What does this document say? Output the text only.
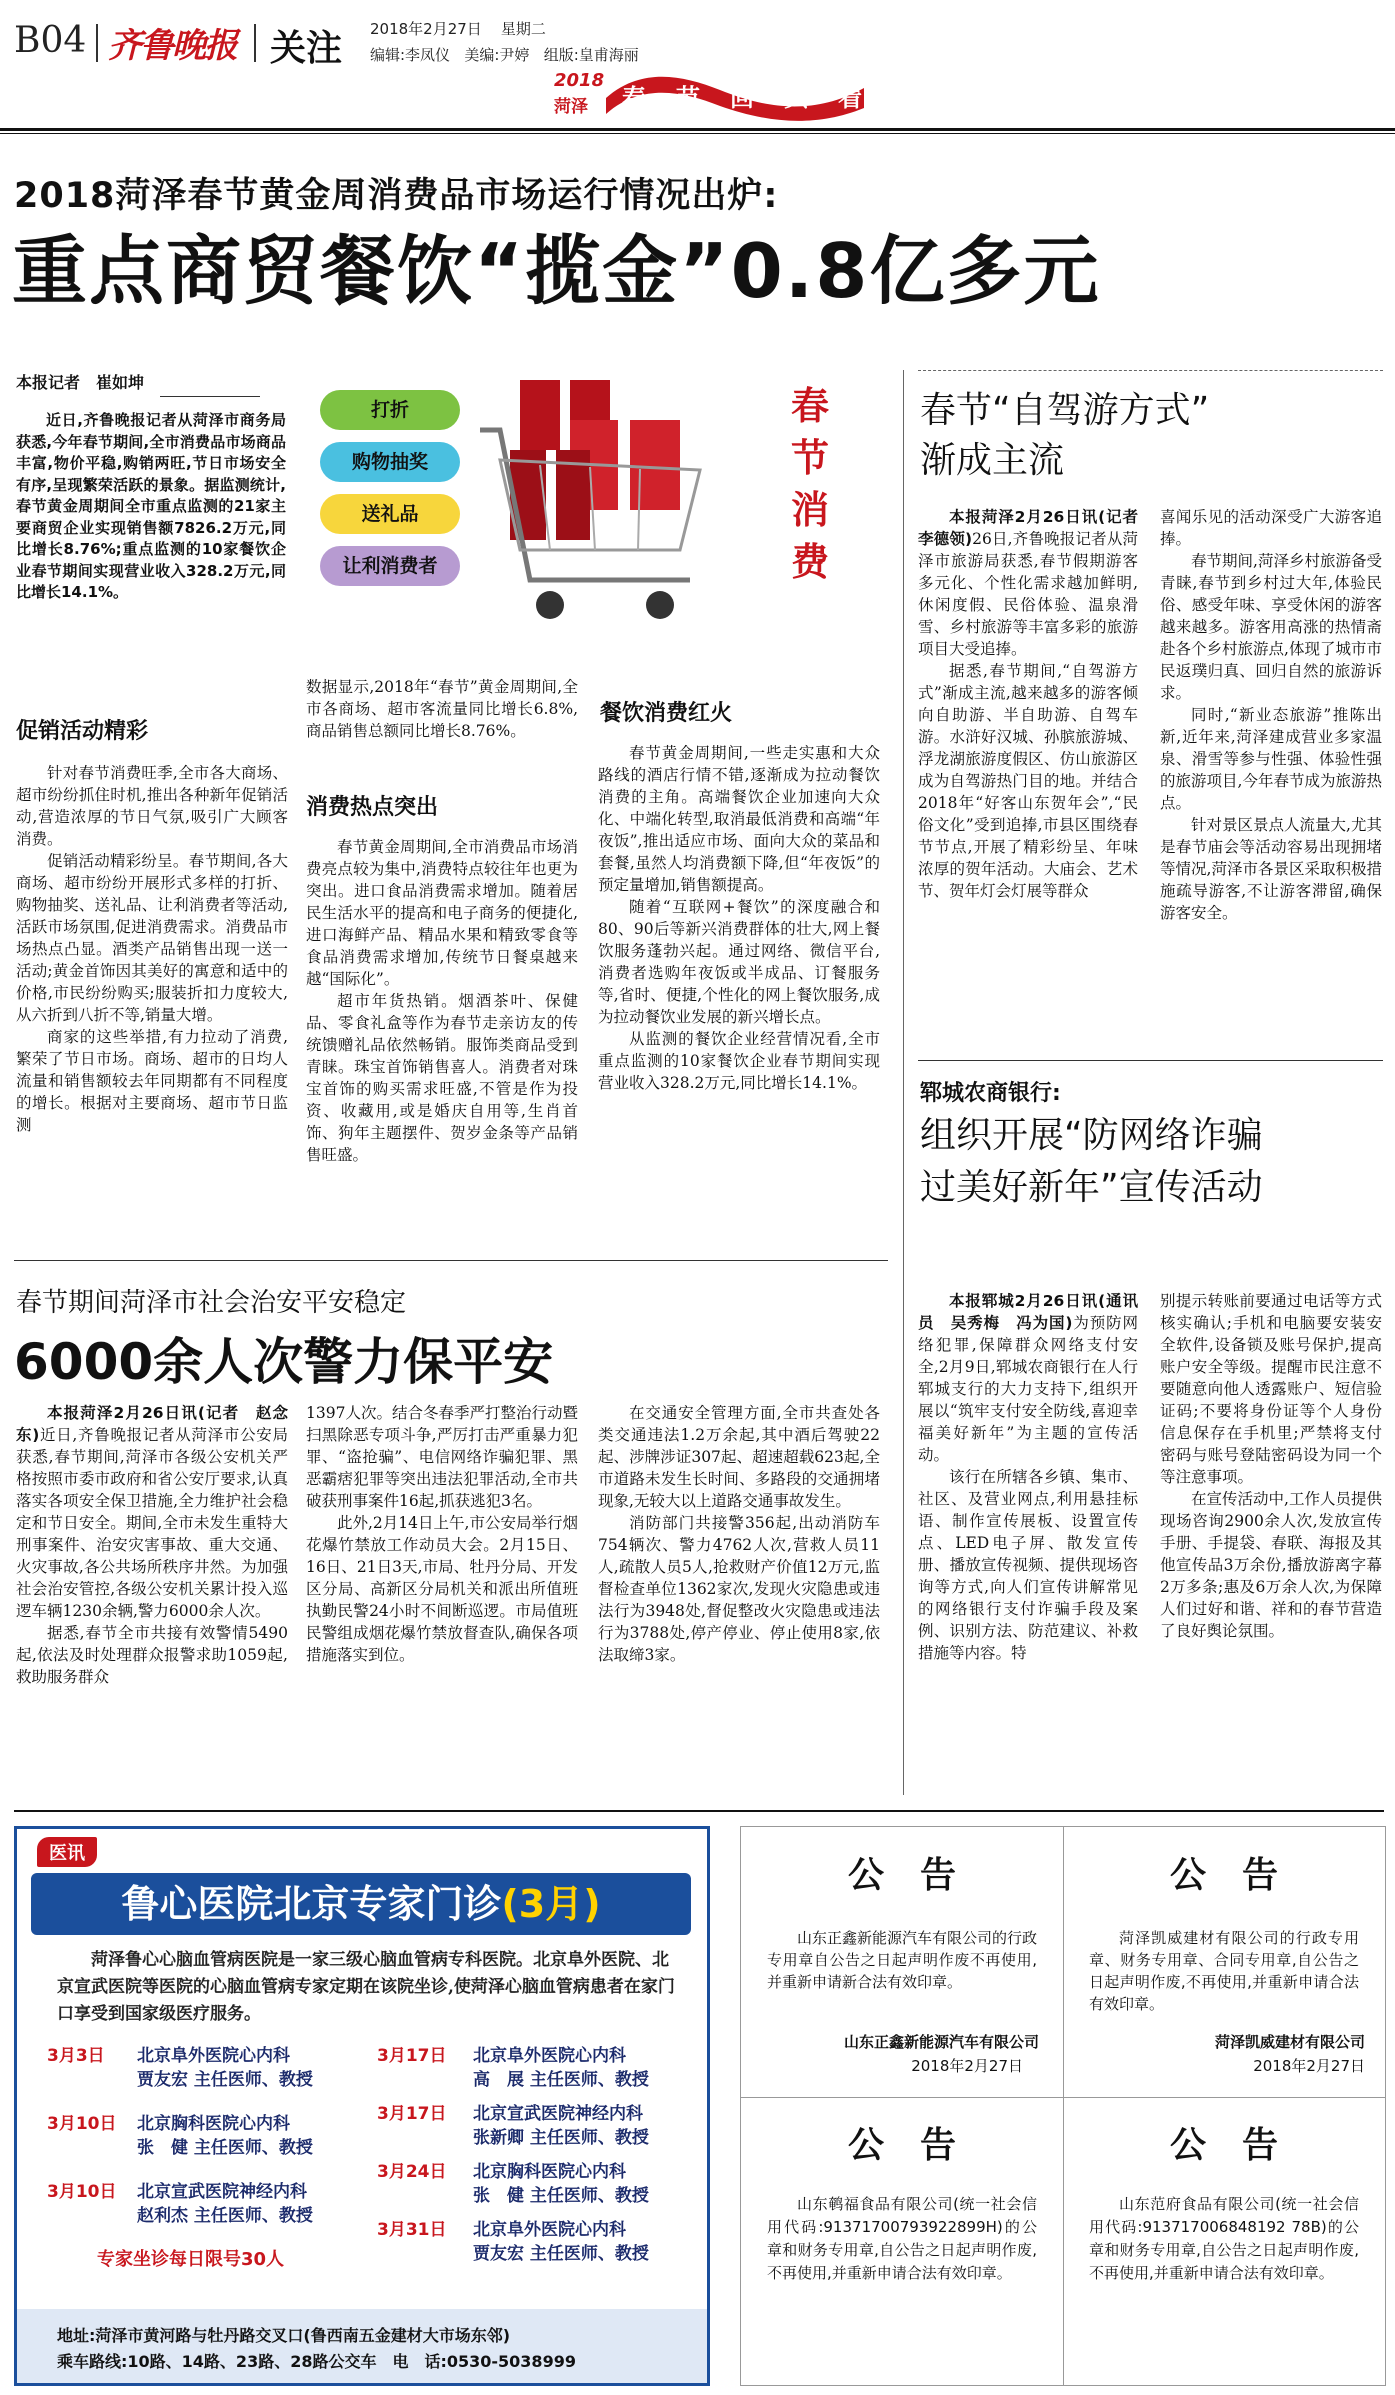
B04 齐鲁晚报 关注 2018年2月27日 星期二
编辑:李凤仪 美编:尹婷 组版:皇甫海丽
2018
菏泽 春 节 回 头 看
2018菏泽春节黄金周消费品市场运行情况出炉:
重点商贸餐饮“揽金”0.8亿多元
本报记者　崔如坤

近日,齐鲁晚报记者从菏泽市商务局获悉,今年春节期间,全市消费品市场商品丰富,物价平稳,购销两旺,节日市场安全有序,呈现繁荣活跃的景象。据监测统计,春节黄金周期间全市重点监测的21家主要商贸企业实现销售额7826.2万元,同比增长8.76%;重点监测的10家餐饮企业春节期间实现营业收入328.2万元,同比增长14.1%。

打折
购物抽奖
送礼品
让利消费者
春
节
消
费
促销活动精彩

针对春节消费旺季,全市各大商场、超市纷纷抓住时机,推出各种新年促销活动,营造浓厚的节日气氛,吸引广大顾客消费。

促销活动精彩纷呈。春节期间,各大商场、超市纷纷开展形式多样的打折、购物抽奖、送礼品、让利消费者等活动,活跃市场氛围,促进消费需求。消费品市场热点凸显。酒类产品销售出现一送一活动;黄金首饰因其美好的寓意和适中的价格,市民纷纷购买;服装折扣力度较大,从六折到八折不等,销量大增。

商家的这些举措,有力拉动了消费,繁荣了节日市场。商场、超市的日均人流量和销售额较去年同期都有不同程度的增长。根据对主要商场、超市节日监测

数据显示,2018年“春节”黄金周期间,全市各商场、超市客流量同比增长6.8%,商品销售总额同比增长8.76%。

消费热点突出

春节黄金周期间,全市消费品市场消费亮点较为集中,消费特点较往年也更为突出。进口食品消费需求增加。随着居民生活水平的提高和电子商务的便捷化,进口海鲜产品、精品水果和精致零食等食品消费需求增加,传统节日餐桌越来越“国际化”。

超市年货热销。烟酒茶叶、保健品、零食礼盒等作为春节走亲访友的传统馈赠礼品依然畅销。服饰类商品受到青睐。珠宝首饰销售喜人。消费者对珠宝首饰的购买需求旺盛,不管是作为投资、收藏用,或是婚庆自用等,生肖首饰、狗年主题摆件、贺岁金条等产品销售旺盛。

餐饮消费红火

春节黄金周期间,一些走实惠和大众路线的酒店行情不错,逐渐成为拉动餐饮消费的主角。高端餐饮企业加速向大众化、中端化转型,取消最低消费和高端“年夜饭”,推出适应市场、面向大众的菜品和套餐,虽然人均消费额下降,但“年夜饭”的预定量增加,销售额提高。

随着“互联网+餐饮”的深度融合和80、90后等新兴消费群体的壮大,网上餐饮服务蓬勃兴起。通过网络、微信平台,消费者选购年夜饭或半成品、订餐服务等,省时、便捷,个性化的网上餐饮服务,成为拉动餐饮业发展的新兴增长点。

从监测的餐饮企业经营情况看,全市重点监测的10家餐饮企业春节期间实现营业收入328.2万元,同比增长14.1%。

春节“自驾游方式”
渐成主流

本报菏泽2月26日讯(记者　李德领)26日,齐鲁晚报记者从菏泽市旅游局获悉,春节假期游客多元化、个性化需求越加鲜明,休闲度假、民俗体验、温泉滑雪、乡村旅游等丰富多彩的旅游项目大受追捧。

据悉,春节期间,“自驾游方式”渐成主流,越来越多的游客倾向自助游、半自助游、自驾车游。水浒好汉城、孙膑旅游城、浮龙湖旅游度假区、仿山旅游区成为自驾游热门目的地。并结合2018年“好客山东贺年会”,“民俗文化”受到追捧,市县区围绕春节节点,开展了精彩纷呈、年味浓厚的贺年活动。大庙会、艺术节、贺年灯会灯展等群众

喜闻乐见的活动深受广大游客追捧。

春节期间,菏泽乡村旅游备受青睐,春节到乡村过大年,体验民俗、感受年味、享受休闲的游客越来越多。游客用高涨的热情斋赴各个乡村旅游点,体现了城市市民返璞归真、回归自然的旅游诉求。

同时,“新业态旅游”推陈出新,近年来,菏泽建成营业多家温泉、滑雪等参与性强、体验性强的旅游项目,今年春节成为旅游热点。

针对景区景点人流量大,尤其是春节庙会等活动容易出现拥堵等情况,菏泽市各景区采取积极措施疏导游客,不让游客滞留,确保游客安全。

郓城农商银行:
组织开展“防网络诈骗
过美好新年”宣传活动

本报郓城2月26日讯(通讯员　吴秀梅　冯为国)为预防网络犯罪,保障群众网络支付安全,2月9日,郓城农商银行在人行郓城支行的大力支持下,组织开展以“筑牢支付安全防线,喜迎幸福美好新年”为主题的宣传活动。

该行在所辖各乡镇、集市、社区、及营业网点,利用悬挂标语、制作宣传展板、设置宣传点、LED电子屏、散发宣传册、播放宣传视频、提供现场咨询等方式,向人们宣传讲解常见的网络银行支付诈骗手段及案例、识别方法、防范建议、补救措施等内容。特

别提示转账前要通过电话等方式核实确认;手机和电脑要安装安全软件,设备锁及账号保护,提高账户安全等级。提醒市民注意不要随意向他人透露账户、短信验证码;不要将身份证等个人身份信息保存在手机里;严禁将支付密码与账号登陆密码设为同一个等注意事项。

在宣传活动中,工作人员提供现场咨询2900余人次,发放宣传手册、手提袋、春联、海报及其他宣传品3万余份,播放游离字幕2万多条;惠及6万余人次,为保障人们过好和谐、祥和的春节营造了良好舆论氛围。

春节期间菏泽市社会治安平安稳定
6000余人次警力保平安

本报菏泽2月26日讯(记者　赵念东)近日,齐鲁晚报记者从菏泽市公安局获悉,春节期间,菏泽市各级公安机关严格按照市委市政府和省公安厅要求,认真落实各项安全保卫措施,全力维护社会稳定和节日安全。期间,全市未发生重特大刑事案件、治安灾害事故、重大交通、火灾事故,各公共场所秩序井然。为加强社会治安管控,各级公安机关累计投入巡逻车辆1230余辆,警力6000余人次。

据悉,春节全市共接有效警情5490起,依法及时处理群众报警求助1059起,救助服务群众

1397人次。结合冬春季严打整治行动暨扫黑除恶专项斗争,严厉打击严重暴力犯罪、“盗抢骗”、电信网络诈骗犯罪、黑恶霸痞犯罪等突出违法犯罪活动,全市共破获刑事案件16起,抓获逃犯3名。

此外,2月14日上午,市公安局举行烟花爆竹禁放工作动员大会。2月15日、16日、21日3天,市局、牡丹分局、开发区分局、高新区分局机关和派出所值班执勤民警24小时不间断巡逻。市局值班民警组成烟花爆竹禁放督查队,确保各项措施落实到位。

在交通安全管理方面,全市共查处各类交通违法1.2万余起,其中酒后驾驶22起、涉牌涉证307起、超速超载623起,全市道路未发生长时间、多路段的交通拥堵现象,无较大以上道路交通事故发生。

消防部门共接警356起,出动消防车754辆次、警力4762人次,营救人员11人,疏散人员5人,抢救财产价值12万元,监督检查单位1362家次,发现火灾隐患或违法行为3948处,督促整改火灾隐患或违法行为3788处,停产停业、停止使用8家,依法取缔3家。

医讯
鲁心医院北京专家门诊(3月)
菏泽鲁心心脑血管病医院是一家三级心脑血管病专科医院。北京阜外医院、北京宣武医院等医院的心脑血管病专家定期在该院坐诊,使菏泽心脑血管病患者在家门口享受到国家级医疗服务。
3月3日 北京阜外医院心内科
贾友宏 主任医师、教授
3月10日 北京胸科医院心内科
张　健 主任医师、教授
3月10日 北京宣武医院神经内科
赵利杰 主任医师、教授
专家坐诊每日限号30人
3月17日 北京阜外医院心内科
高　展 主任医师、教授
3月17日 北京宣武医院神经内科
张新卿 主任医师、教授
3月24日 北京胸科医院心内科
张　健 主任医师、教授
3月31日 北京阜外医院心内科
贾友宏 主任医师、教授
地址:菏泽市黄河路与牡丹路交叉口(鲁西南五金建材大市场东邻)
乘车路线:10路、14路、23路、28路公交车　电　话:0530-5038999
公　告
山东正鑫新能源汽车有限公司的行政专用章自公告之日起声明作废不再使用,并重新申请新合法有效印章。
山东正鑫新能源汽车有限公司
2018年2月27日
公　告
菏泽凯威建材有限公司的行政专用章、财务专用章、合同专用章,自公告之日起声明作废,不再使用,并重新申请合法有效印章。
菏泽凯威建材有限公司
2018年2月27日
公　告
山东鹌福食品有限公司(统一社会信用代码:91371700793922899H)的公章和财务专用章,自公告之日起声明作废,不再使用,并重新申请合法有效印章。
公　告
山东范府食品有限公司(统一社会信用代码:913717006848192 78B)的公章和财务专用章,自公告之日起声明作废,不再使用,并重新申请合法有效印章。
